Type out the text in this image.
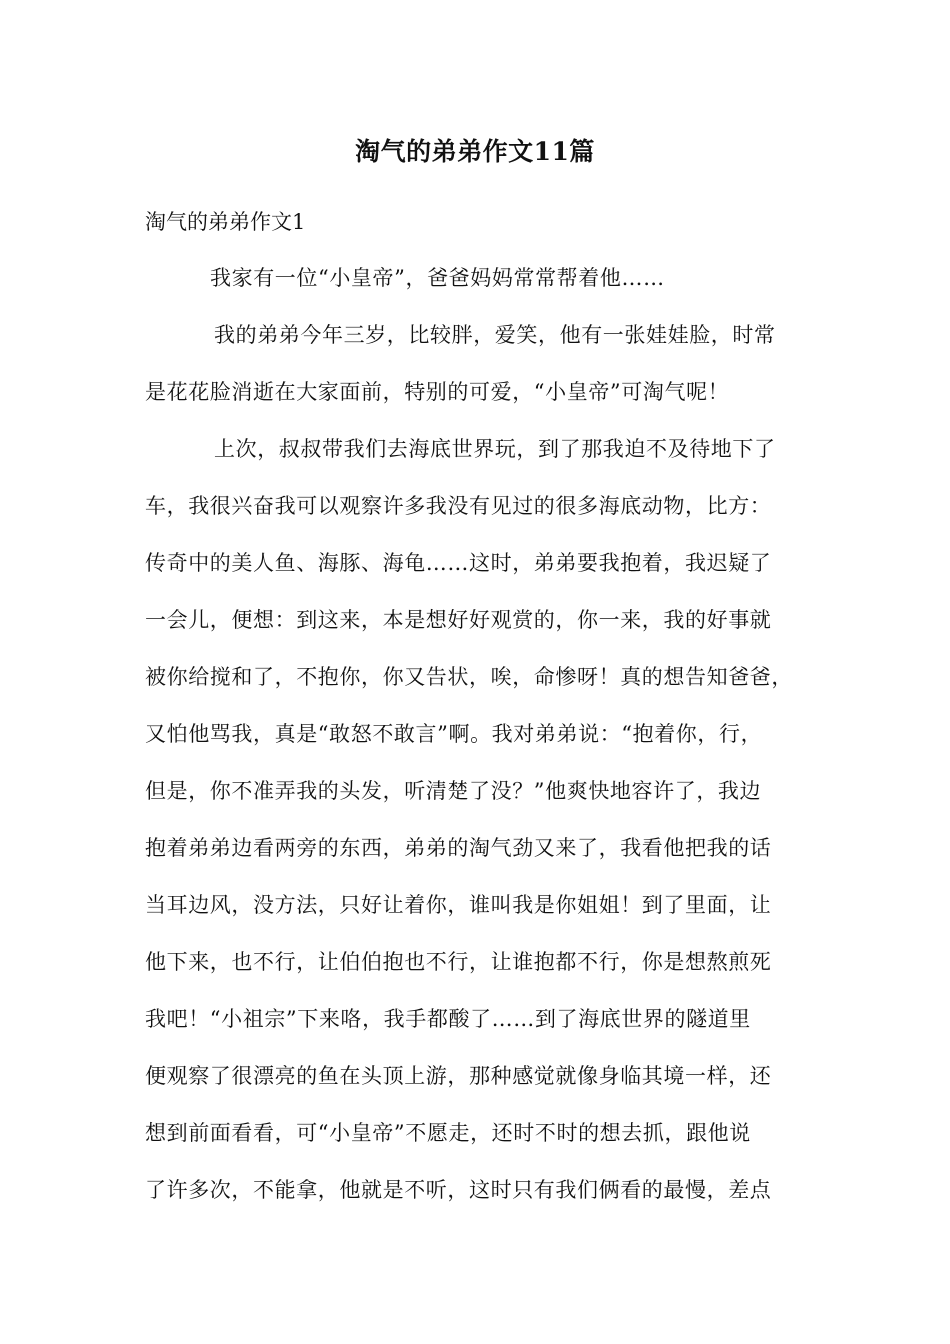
淘气的弟弟作文11篇
淘气的弟弟作文1
我家有一位“小皇帝”，爸爸妈妈常常帮着他……
我的弟弟今年三岁，比较胖，爱笑，他有一张娃娃脸，时常
是花花脸消逝在大家面前，特别的可爱，“小皇帝”可淘气呢！
上次，叔叔带我们去海底世界玩，到了那我迫不及待地下了
车，我很兴奋我可以观察许多我没有见过的很多海底动物，比方：
传奇中的美人鱼、海豚、海龟……这时，弟弟要我抱着，我迟疑了
一会儿，便想：到这来，本是想好好观赏的，你一来，我的好事就
被你给搅和了，不抱你，你又告状，唉，命惨呀！真的想告知爸爸，
又怕他骂我，真是“敢怒不敢言”啊。我对弟弟说：“抱着你，行，
但是，你不准弄我的头发，听清楚了没？”他爽快地容许了，我边
抱着弟弟边看两旁的东西，弟弟的淘气劲又来了，我看他把我的话
当耳边风，没方法，只好让着你，谁叫我是你姐姐！到了里面，让
他下来，也不行，让伯伯抱也不行，让谁抱都不行，你是想熬煎死
我吧！“小祖宗”下来咯，我手都酸了……到了海底世界的隧道里
便观察了很漂亮的鱼在头顶上游，那种感觉就像身临其境一样，还
想到前面看看，可“小皇帝”不愿走，还时不时的想去抓，跟他说
了许多次，不能拿，他就是不听，这时只有我们俩看的最慢，差点
